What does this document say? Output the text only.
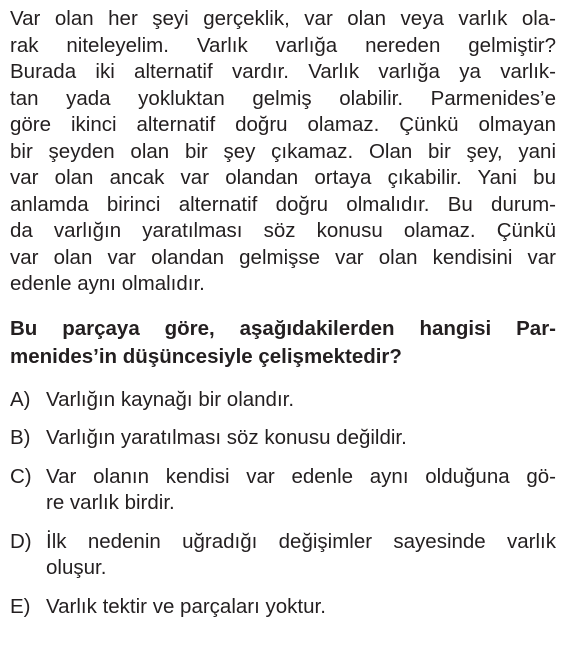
Var olan her şeyi gerçeklik, var olan veya varlık ola-
rak niteleyelim. Varlık varlığa nereden gelmiştir?
Burada iki alternatif vardır. Varlık varlığa ya varlık-
tan yada yokluktan gelmiş olabilir. Parmenides’e
göre ikinci alternatif doğru olamaz. Çünkü olmayan
bir şeyden olan bir şey çıkamaz. Olan bir şey, yani
var olan ancak var olandan ortaya çıkabilir. Yani bu
anlamda birinci alternatif doğru olmalıdır. Bu durum-
da varlığın yaratılması söz konusu olamaz. Çünkü
var olan var olandan gelmişse var olan kendisini var
edenle aynı olmalıdır.
Bu parçaya göre, aşağıdakilerden hangisi Par-
menides’in düşüncesiyle çelişmektedir?
A) Varlığın kaynağı bir olandır.
B) Varlığın yaratılması söz konusu değildir.
C) Var olanın kendisi var edenle aynı olduğuna gö-
re varlık birdir.
D) İlk nedenin uğradığı değişimler sayesinde varlık
oluşur.
E) Varlık tektir ve parçaları yoktur.
